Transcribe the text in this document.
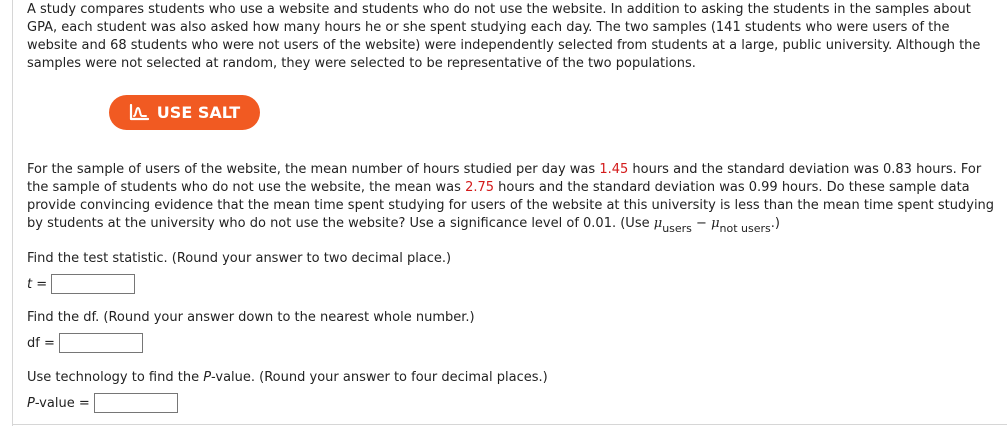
A study compares students who use a website and students who do not use the website. In addition to asking the students in the samples about
GPA, each student was also asked how many hours he or she spent studying each day. The two samples (141 students who were users of the
website and 68 students who were not users of the website) were independently selected from students at a large, public university. Although the
samples were not selected at random, they were selected to be representative of the two populations.
USE SALT
For the sample of users of the website, the mean number of hours studied per day was 1.45 hours and the standard deviation was 0.83 hours. For
the sample of students who do not use the website, the mean was 2.75 hours and the standard deviation was 0.99 hours. Do these sample data
provide convincing evidence that the mean time spent studying for users of the website at this university is less than the mean time spent studying
by students at the university who do not use the website? Use a significance level of 0.01. (Use $\mu_{users} - \mu_{not users}$.)
Find the test statistic. (Round your answer to two decimal place.)
t =
Find the df. (Round your answer down to the nearest whole number.)
df =
Use technology to find the P-value. (Round your answer to four decimal places.)
P-value =
